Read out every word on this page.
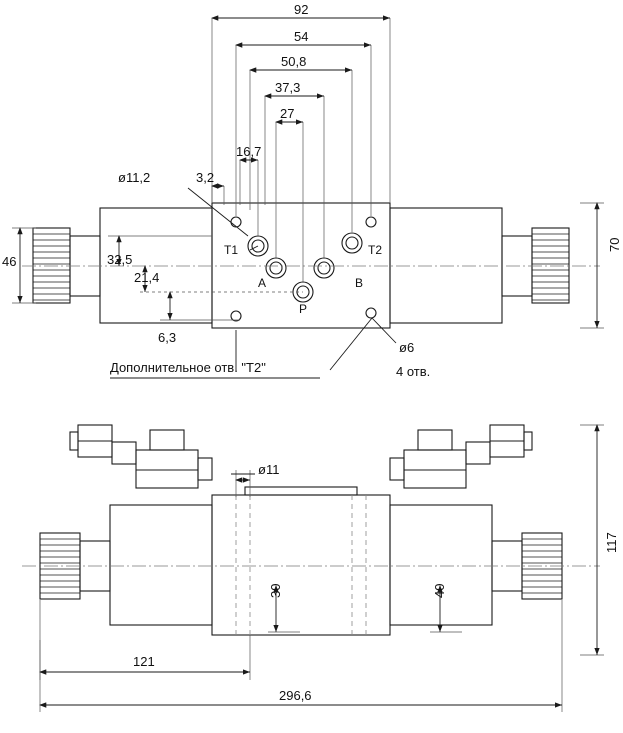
92
54
50,8
37,3
27
16,7
3,2
ø11,2
46
70
32,5
21,4
6,3
ø6
T1	T2
A	B
P
Дополнительное отв. "T2"	4 отв.
ø11
117
30	40
121
296,6
